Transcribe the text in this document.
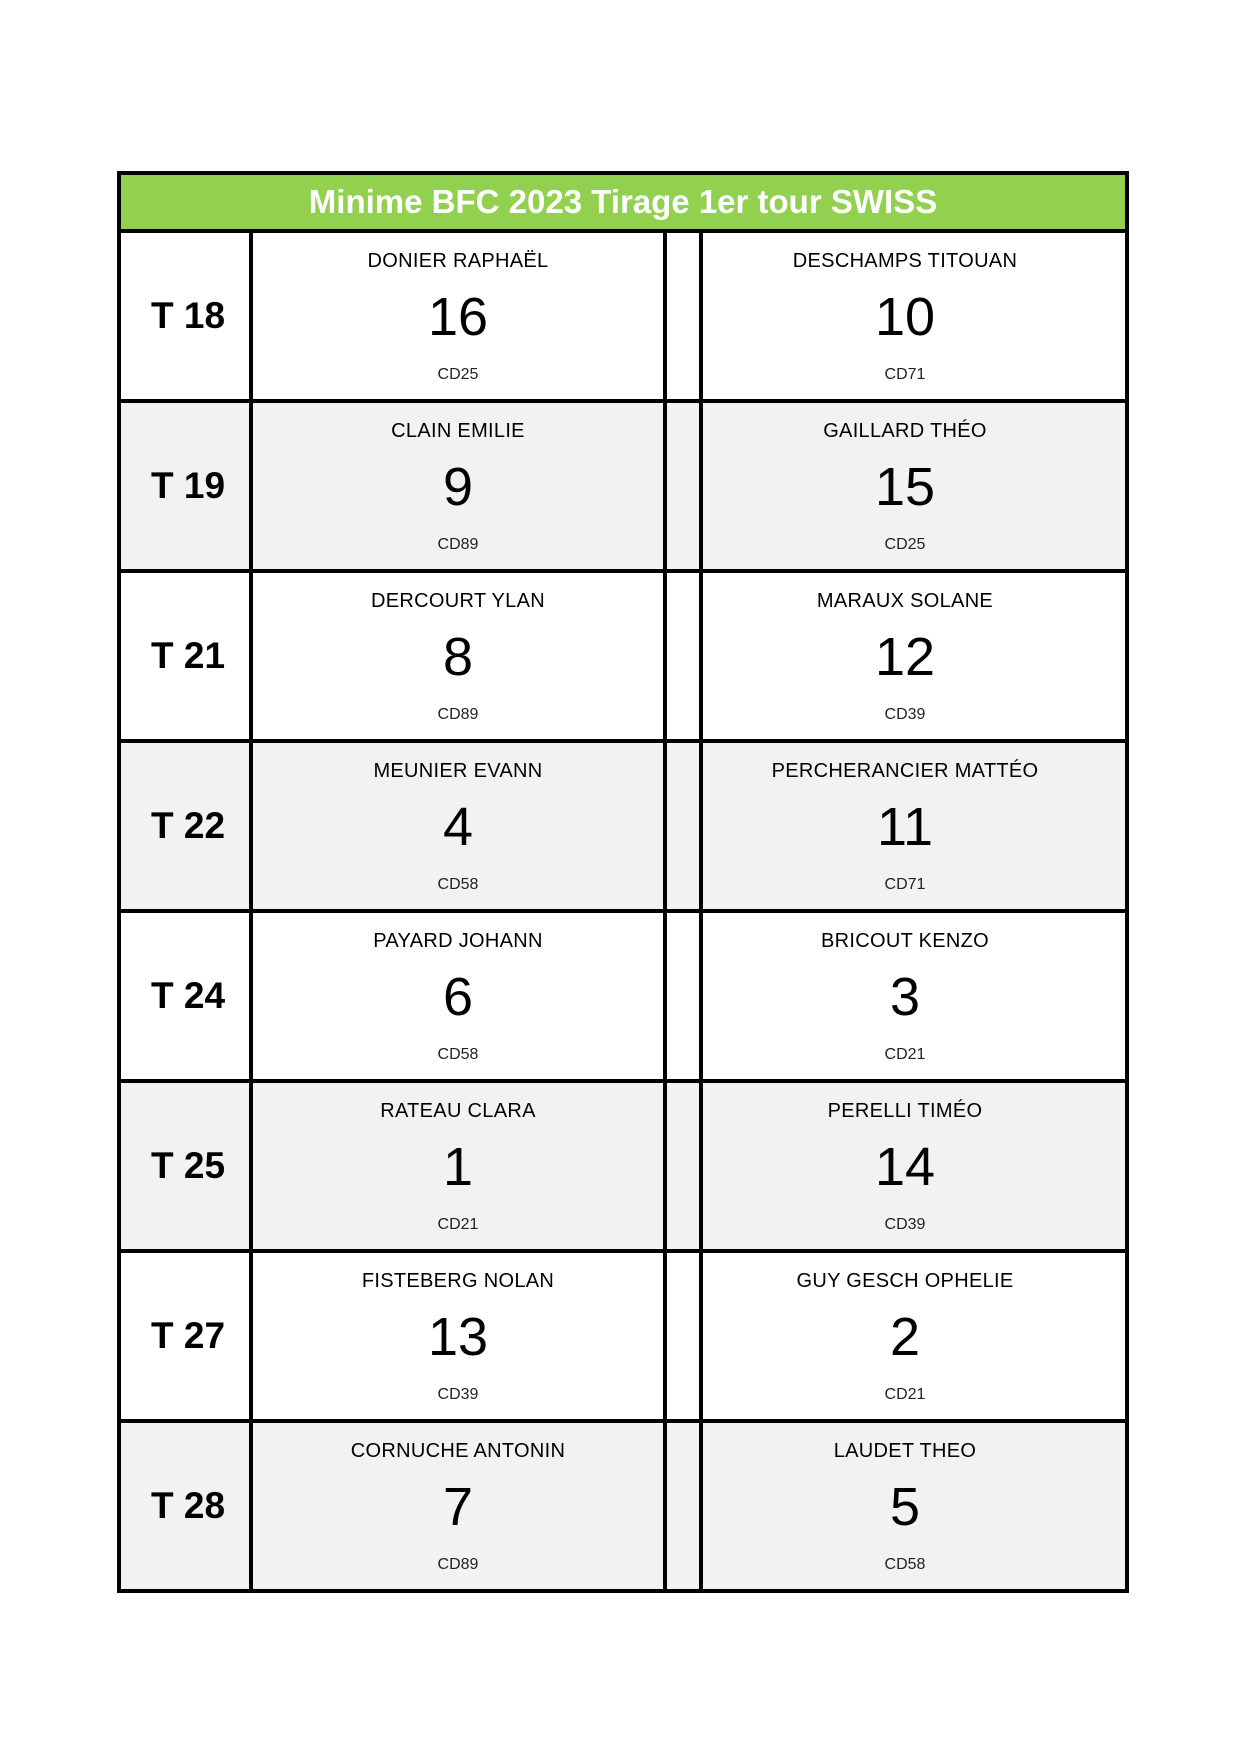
Minime BFC 2023 Tirage 1er tour SWISS
T 18
DONIER RAPHAËL
16
CD25
DESCHAMPS TITOUAN
10
CD71
T 19
CLAIN EMILIE
9
CD89
GAILLARD THÉO
15
CD25
T 21
DERCOURT YLAN
8
CD89
MARAUX SOLANE
12
CD39
T 22
MEUNIER EVANN
4
CD58
PERCHERANCIER MATTÉO
11
CD71
T 24
PAYARD JOHANN
6
CD58
BRICOUT KENZO
3
CD21
T 25
RATEAU CLARA
1
CD21
PERELLI TIMÉO
14
CD39
T 27
FISTEBERG NOLAN
13
CD39
GUY GESCH OPHELIE
2
CD21
T 28
CORNUCHE ANTONIN
7
CD89
LAUDET THEO
5
CD58
